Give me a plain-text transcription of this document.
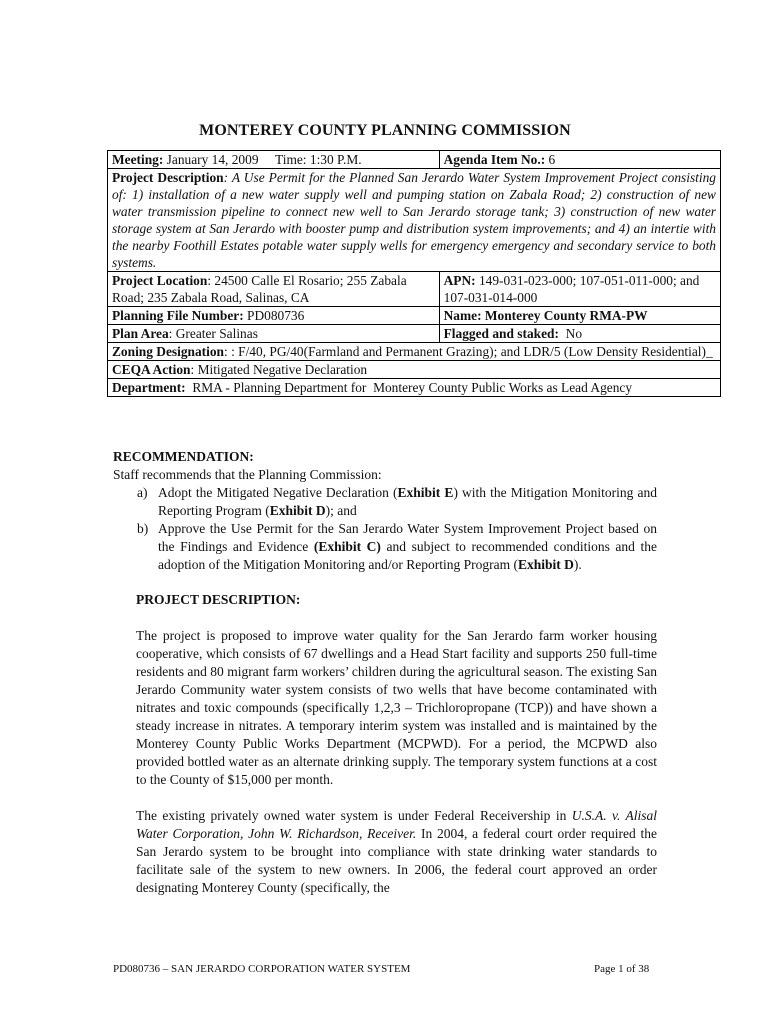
MONTEREY COUNTY PLANNING COMMISSION
Meeting: January 14, 2009     Time: 1:30 P.M.	Agenda Item No.: 6
Project Description: A Use Permit for the Planned San Jerardo Water System Improvement Project consisting of: 1) installation of a new water supply well and pumping station on Zabala Road; 2) construction of new water transmission pipeline to connect new well to San Jerardo storage tank; 3) construction of new water storage system at San Jerardo with booster pump and distribution system improvements; and 4) an intertie with the nearby Foothill Estates potable water supply wells for emergency emergency and secondary service to both systems.	
Project Location: 24500 Calle El Rosario; 255 Zabala Road; 235 Zabala Road, Salinas, CA	APN: 149-031-023-000; 107-051-011-000; and 107-031-014-000
Planning File Number: PD080736	Name: Monterey County RMA-PW
Plan Area: Greater Salinas	Flagged and staked:  No
Zoning Designation: : F/40, PG/40(Farmland and Permanent Grazing); and LDR/5 (Low Density Residential)_	
CEQA Action: Mitigated Negative Declaration	
Department:  RMA - Planning Department for  Monterey County Public Works as Lead Agency	

RECOMMENDATION:

Staff recommends that the Planning Commission:

a) Adopt the Mitigated Negative Declaration (Exhibit E) with the Mitigation Monitoring and Reporting Program (Exhibit D); and
b) Approve the Use Permit for the San Jerardo Water System Improvement Project based on the Findings and Evidence (Exhibit C) and subject to recommended conditions and the adoption of the Mitigation Monitoring and/or Reporting Program (Exhibit D).

PROJECT DESCRIPTION:

The project is proposed to improve water quality for the San Jerardo farm worker housing cooperative, which consists of 67 dwellings and a Head Start facility and supports 250 full-time residents and 80 migrant farm workers’ children during the agricultural season. The existing San Jerardo Community water system consists of two wells that have become contaminated with nitrates and toxic compounds (specifically 1,2,3 – Trichloropropane (TCP)) and have shown a steady increase in nitrates. A temporary interim system was installed and is maintained by the Monterey County Public Works Department (MCPWD). For a period, the MCPWD also provided bottled water as an alternate drinking supply. The temporary system functions at a cost to the County of $15,000 per month.

The existing privately owned water system is under Federal Receivership in U.S.A. v. Alisal Water Corporation, John W. Richardson, Receiver. In 2004, a federal court order required the San Jerardo system to be brought into compliance with state drinking water standards to facilitate sale of the system to new owners. In 2006, the federal court approved an order designating Monterey County (specifically, the

PD080736 – SAN JERARDO CORPORATION WATER SYSTEM	Page 1 of 38
